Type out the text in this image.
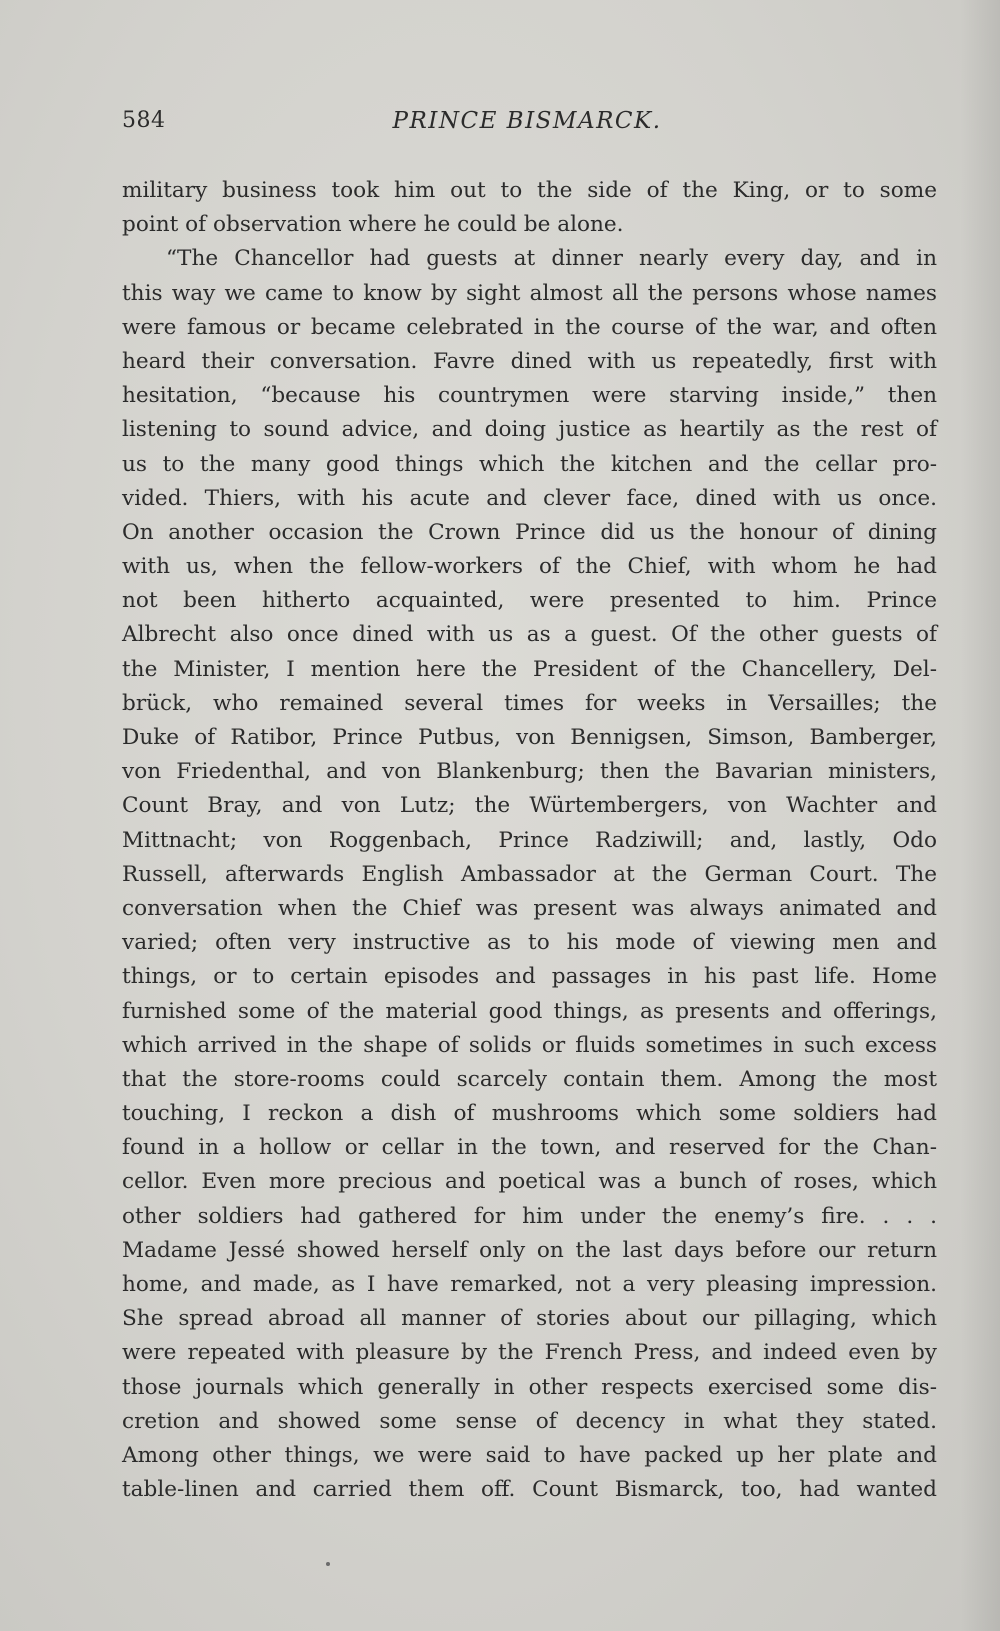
584	PRINCE BISMARCK.
military business took him out to the side of the King, or to some
point of observation where he could be alone.
“The Chancellor had guests at dinner nearly every day, and in
this way we came to know by sight almost all the persons whose names
were famous or became celebrated in the course of the war, and often
heard their conversation. Favre dined with us repeatedly, first with
hesitation, “because his countrymen were starving inside,” then
listening to sound advice, and doing justice as heartily as the rest of
us to the many good things which the kitchen and the cellar pro-
vided. Thiers, with his acute and clever face, dined with us once.
On another occasion the Crown Prince did us the honour of dining
with us, when the fellow-workers of the Chief, with whom he had
not been hitherto acquainted, were presented to him. Prince
Albrecht also once dined with us as a guest. Of the other guests of
the Minister, I mention here the President of the Chancellery, Del-
brück, who remained several times for weeks in Versailles; the
Duke of Ratibor, Prince Putbus, von Bennigsen, Simson, Bamberger,
von Friedenthal, and von Blankenburg; then the Bavarian ministers,
Count Bray, and von Lutz; the Würtembergers, von Wachter and
Mittnacht; von Roggenbach, Prince Radziwill; and, lastly, Odo
Russell, afterwards English Ambassador at the German Court. The
conversation when the Chief was present was always animated and
varied; often very instructive as to his mode of viewing men and
things, or to certain episodes and passages in his past life. Home
furnished some of the material good things, as presents and offerings,
which arrived in the shape of solids or fluids sometimes in such excess
that the store-rooms could scarcely contain them. Among the most
touching, I reckon a dish of mushrooms which some soldiers had
found in a hollow or cellar in the town, and reserved for the Chan-
cellor. Even more precious and poetical was a bunch of roses, which
other soldiers had gathered for him under the enemy’s fire. . . .
Madame Jessé showed herself only on the last days before our return
home, and made, as I have remarked, not a very pleasing impression.
She spread abroad all manner of stories about our pillaging, which
were repeated with pleasure by the French Press, and indeed even by
those journals which generally in other respects exercised some dis-
cretion and showed some sense of decency in what they stated.
Among other things, we were said to have packed up her plate and
table-linen and carried them off. Count Bismarck, too, had wanted
